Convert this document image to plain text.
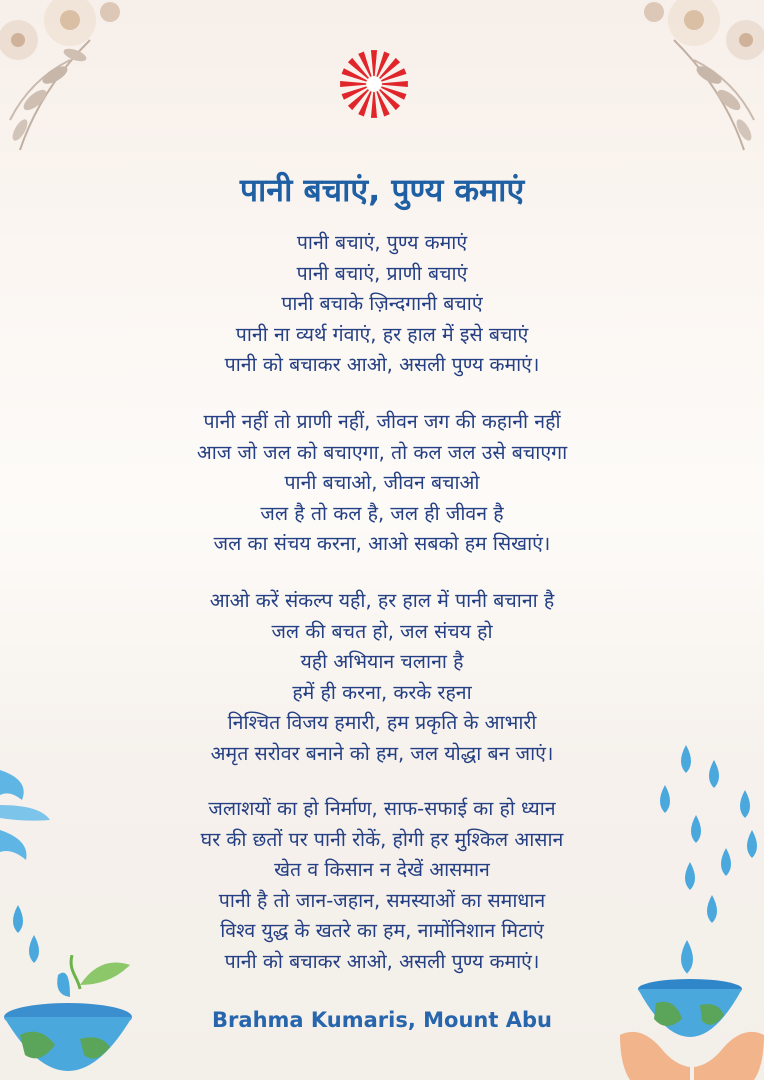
पानी बचाएं, पुण्य कमाएं
पानी बचाएं, पुण्य कमाएं
पानी बचाएं, प्राणी बचाएं
पानी बचाके ज़िन्दगानी बचाएं
पानी ना व्यर्थ गंवाएं, हर हाल में इसे बचाएं
पानी को बचाकर आओ, असली पुण्य कमाएं।
पानी नहीं तो प्राणी नहीं, जीवन जग की कहानी नहीं
आज जो जल को बचाएगा, तो कल जल उसे बचाएगा
पानी बचाओ, जीवन बचाओ
जल है तो कल है, जल ही जीवन है
जल का संचय करना, आओ सबको हम सिखाएं।
आओ करें संकल्प यही, हर हाल में पानी बचाना है
जल की बचत हो, जल संचय हो
यही अभियान चलाना है
हमें ही करना, करके रहना
निश्चित विजय हमारी, हम प्रकृति के आभारी
अमृत सरोवर बनाने को हम, जल योद्धा बन जाएं।
जलाशयों का हो निर्माण, साफ-सफाई का हो ध्यान
घर की छतों पर पानी रोकें, होगी हर मुश्किल आसान
खेत व किसान न देखें आसमान
पानी है तो जान-जहान, समस्याओं का समाधान
विश्व युद्ध के खतरे का हम, नामोंनिशान मिटाएं
पानी को बचाकर आओ, असली पुण्य कमाएं।
Brahma Kumaris, Mount Abu
